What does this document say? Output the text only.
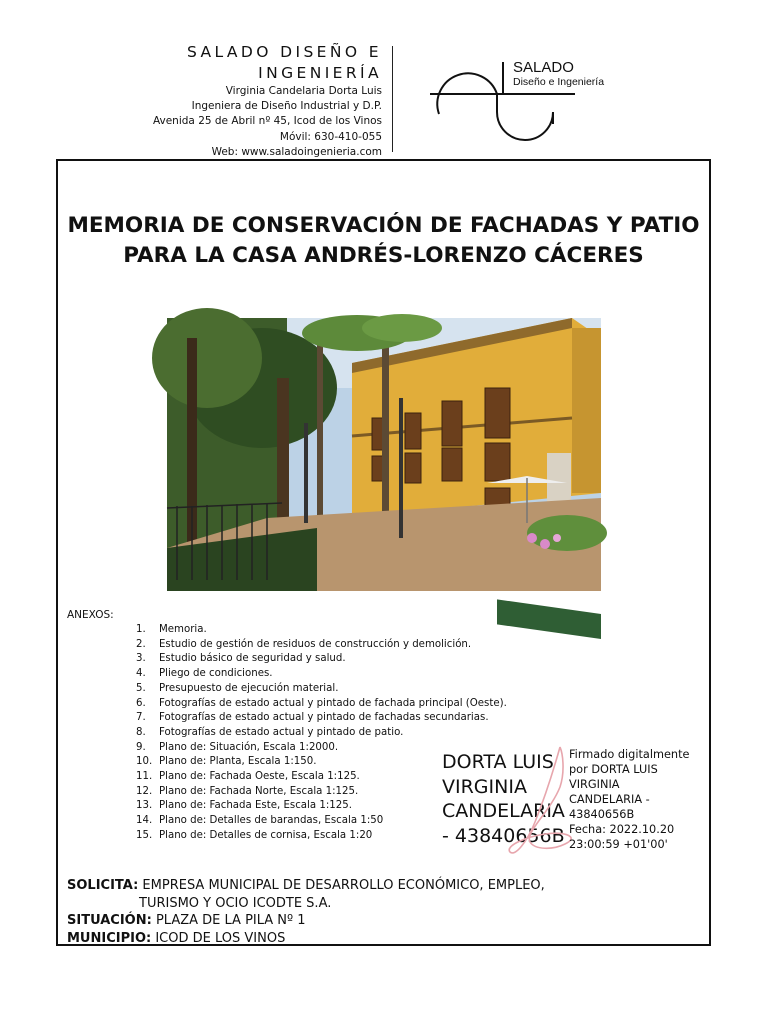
SALADO DISEÑO E
INGENIERÍA
Virginia Candelaria Dorta Luis
Ingeniera de Diseño Industrial y D.P.
Avenida 25 de Abril nº 45, Icod de los Vinos
Móvil: 630-410-055
Web: www.saladoingenieria.com
SALADO
Diseño e Ingeniería
MEMORIA DE CONSERVACIÓN DE FACHADAS Y PATIO
PARA LA CASA ANDRÉS-LORENZO CÁCERES
ANEXOS:
1. Memoria.
2. Estudio de gestión de residuos de construcción y demolición.
3. Estudio básico de seguridad y salud.
4. Pliego de condiciones.
5. Presupuesto de ejecución material.
6. Fotografías de estado actual y pintado de fachada principal (Oeste).
7. Fotografías de estado actual y pintado de fachadas secundarias.
8. Fotografías de estado actual y pintado de patio.
9. Plano de: Situación, Escala 1:2000.
10. Plano de: Planta, Escala 1:150.
11. Plano de: Fachada Oeste, Escala 1:125.
12. Plano de: Fachada Norte, Escala 1:125.
13. Plano de: Fachada Este, Escala 1:125.
14. Plano de: Detalles de barandas, Escala 1:50
15. Plano de: Detalles de cornisa, Escala 1:20
DORTA LUIS
VIRGINIA
CANDELARIA
- 43840656B
Firmado digitalmente
por DORTA LUIS
VIRGINIA
CANDELARIA -
43840656B
Fecha: 2022.10.20
23:00:59 +01'00'
SOLICITA: EMPRESA MUNICIPAL DE DESARROLLO ECONÓMICO, EMPLEO,
TURISMO Y OCIO ICODTE S.A.
SITUACIÓN: PLAZA DE LA PILA Nº 1
MUNICIPIO: ICOD DE LOS VINOS
